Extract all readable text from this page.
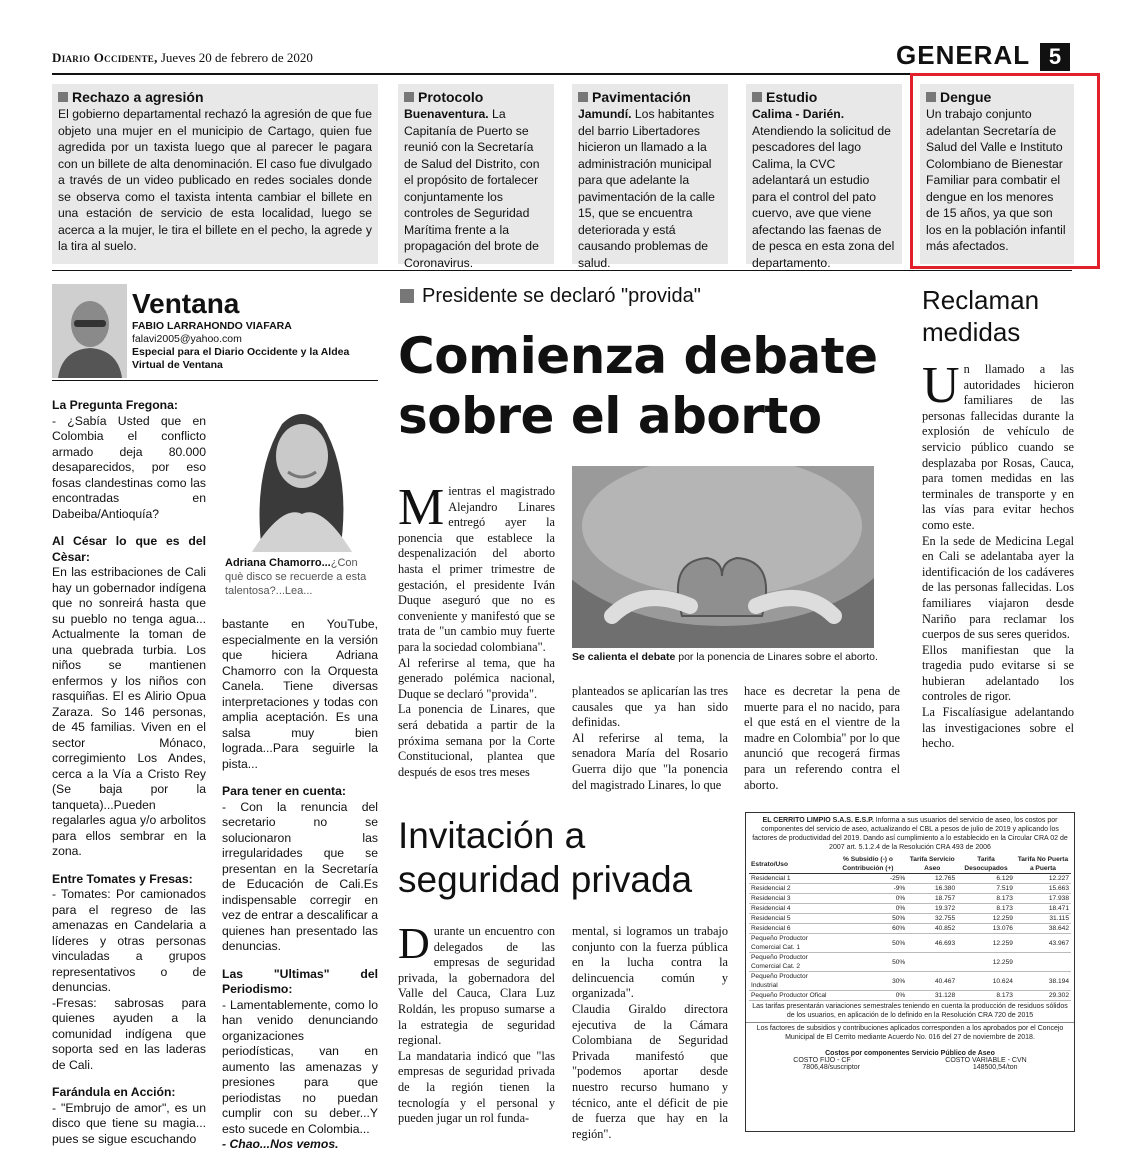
Diario Occidente, Jueves 20 de febrero de 2020	GENERAL 5
Rechazo a agresión
El gobierno departamental rechazó la agresión de que fue objeto una mujer en el municipio de Cartago, quien fue agredida por un taxista luego que al parecer le pagara con un billete de alta denominación. El caso fue divulgado a través de un video publicado en redes sociales donde se observa como el taxista intenta cambiar el billete en una estación de servicio de esta localidad, luego se acerca a la mujer, le tira el billete en el pecho, la agrede y la tira al suelo.
Protocolo
Buenaventura. La Capitanía de Puerto se reunió con la Secretaría de Salud del Distrito, con el propósito de fortalecer conjuntamente los controles de Seguridad Marítima frente a la propagación del brote de Coronavirus.
Pavimentación
Jamundí. Los habitantes del barrio Libertadores hicieron un llamado a la administración municipal para que adelante la pavimentación de la calle 15, que se encuentra deteriorada y está causando problemas de salud.
Estudio
Calima - Darién. Atendiendo la solicitud de pescadores del lago Calima, la CVC adelantará un estudio para el control del pato cuervo, ave que viene afectando las faenas de de pesca en esta zona del departamento.
Dengue
Un trabajo conjunto adelantan Secretaría de Salud del Valle e Instituto Colombiano de Bienestar Familiar para combatir el dengue en los menores de 15 años, ya que son los en la población infantil más afectados.
Ventana
FABIO LARRAHONDO VIAFARA
falavi2005@yahoo.com
Especial para el Diario Occidente y la Aldea Virtual de Ventana
Adriana Chamorro...¿Con què disco se recuerde a esta talentosa?...Lea...
La Pregunta Fregona:
- ¿Sabía Usted que en Colombia el conflicto armado deja 80.000 desaparecidos, por eso fosas clandestinas como las encontradas en Dabeiba/Antioquía?
Al César lo que es del Cèsar:
En las estribaciones de Cali hay un gobernador indígena que no sonreirá hasta que su pueblo no tenga agua... Actualmente la toman de una quebrada turbia. Los niños se mantienen enfermos y los niños con rasquiñas. El es Alirio Opua Zaraza. So 146 personas, de 45 familias. Viven en el sector Mónaco, corregimiento Los Andes, cerca a la Vía a Cristo Rey (Se baja por la tanqueta)...Pueden regalarles agua y/o arbolitos para ellos sembrar en la zona.
Entre Tomates y Fresas:
- Tomates: Por camionados para el regreso de las amenazas en Candelaria a líderes y otras personas vinculadas a grupos representativos o de denuncias.
-Fresas: sabrosas para quienes ayuden a la comunidad indígena que soporta sed en las laderas de Cali.
Farándula en Acción:
- "Embrujo de amor", es un disco que tiene su magia... pues se sigue escuchando
bastante en YouTube, especialmente en la versión que hiciera Adriana Chamorro con la Orquesta Canela. Tiene diversas interpretaciones y todas con amplia aceptación. Es una salsa muy bien lograda...Para seguirle la pista...
Para tener en cuenta:
- Con la renuncia del secretario no se solucionaron las irregularidades que se presentan en la Secretaría de Educación de Cali.Es indispensable corregir en vez de entrar a descalificar a quienes han presentado las denuncias.
Las "Ultimas" del Periodismo:
- Lamentablemente, como lo han venido denunciando organizaciones periodísticas, van en aumento las amenazas y presiones para que periodistas no puedan cumplir con su deber...Y esto sucede en Colombia...
- Chao...Nos vemos.
Presidente se declaró "provida"
Comienza debate sobre el aborto
Mientras el magistrado Alejandro Linares entregó ayer la ponencia que establece la despenalización del aborto hasta el primer trimestre de gestación, el presidente Iván Duque aseguró que no es conveniente y manifestó que se trata de "un cambio muy fuerte para la sociedad colombiana".
Al referirse al tema, que ha generado polémica nacional, Duque se declaró "provida".
La ponencia de Linares, que será debatida a partir de la próxima semana por la Corte Constitucional, plantea que después de esos tres meses
Se calienta el debate por la ponencia de Linares sobre el aborto.
planteados se aplicarían las tres causales que ya han sido definidas.
Al referirse al tema, la senadora María del Rosario Guerra dijo que "la ponencia del magistrado Linares, lo que
hace es decretar la pena de muerte para el no nacido, para el que está en el vientre de la madre en Colombia" por lo que anunció que recogerá firmas para un referendo contra el aborto.
Invitación a seguridad privada
Durante un encuentro con delegados de las empresas de seguridad privada, la gobernadora del Valle del Cauca, Clara Luz Roldán, les propuso sumarse a la estrategia de seguridad regional.
La mandataria indicó que "las empresas de seguridad privada de la región tienen la tecnología y el personal y pueden jugar un rol funda-
mental, si logramos un trabajo conjunto con la fuerza pública en la lucha contra la delincuencia común y organizada".
Claudia Giraldo directora ejecutiva de la Cámara Colombiana de Seguridad Privada manifestó que "podemos aportar desde nuestro recurso humano y técnico, ante el déficit de pie de fuerza que hay en la región".
Reclaman medidas
Un llamado a las autoridades hicieron familiares de las personas fallecidas durante la explosión de vehículo de servicio público cuando se desplazaba por Rosas, Cauca, para tomen medidas en las terminales de transporte y en las vías para evitar hechos como este.
En la sede de Medicina Legal en Cali se adelantaba ayer la identificación de los cadáveres de las personas fallecidas. Los familiares viajaron desde Nariño para reclamar los cuerpos de sus seres queridos.
Ellos manifiestan que la tragedia pudo evitarse si se hubieran adelantado los controles de rigor.
La Fiscalíasigue adelantando las investigaciones sobre el hecho.
EL CERRITO LIMPIO S.A.S. E.S.P. Informa a sus usuarios del servicio de aseo, los costos por componentes del servicio de aseo, actualizando el CBL a pesos de julio de 2019 y aplicando los factores de productividad del 2019. Dando así cumplimiento a lo establecido en la Circular CRA 02 de 2007 art. 5.1.2.4 de la Resolución CRA 493 de 2006
Estrato/Uso	% Subsidio (-) o Contribución (+)	Tarifa Servicio Aseo	Tarifa Desocupados	Tarifa No Puerta a Puerta
Residencial 1	-25%	12.765	6.129	12.227
Residencial 2	-9%	16.380	7.519	15.663
Residencial 3	0%	18.757	8.173	17.938
Residencial 4	0%	19.372	8.173	18.471
Residencial 5	50%	32.755	12.259	31.115
Residencial 6	60%	40.852	13.076	38.642
Pequeño Productor Comercial Cat. 1	50%	46.693	12.259	43.967
Pequeño Productor Comercial Cat. 2	50%		12.259	
Pequeño Productor Industrial	30%	40.467	10.624	38.194
Pequeño Productor Ofical	0%	31.128	8.173	29.302
Las tarifas presentarán variaciones semestrales teniendo en cuenta la producción de residuos sólidos de los usuarios, en aplicación de lo definido en la Resolución CRA 720 de 2015
Los factores de subsidios y contribuciones aplicados corresponden a los aprobados por el Concejo Municipal de El Cerrito mediante Acuerdo No. 016 del 27 de noviembre de 2018.
Costos por componentes Servicio Público de Aseo
COSTO FIJO - CF	COSTO VARIABLE - CVN
7806,48/suscriptor	148500,54/ton
